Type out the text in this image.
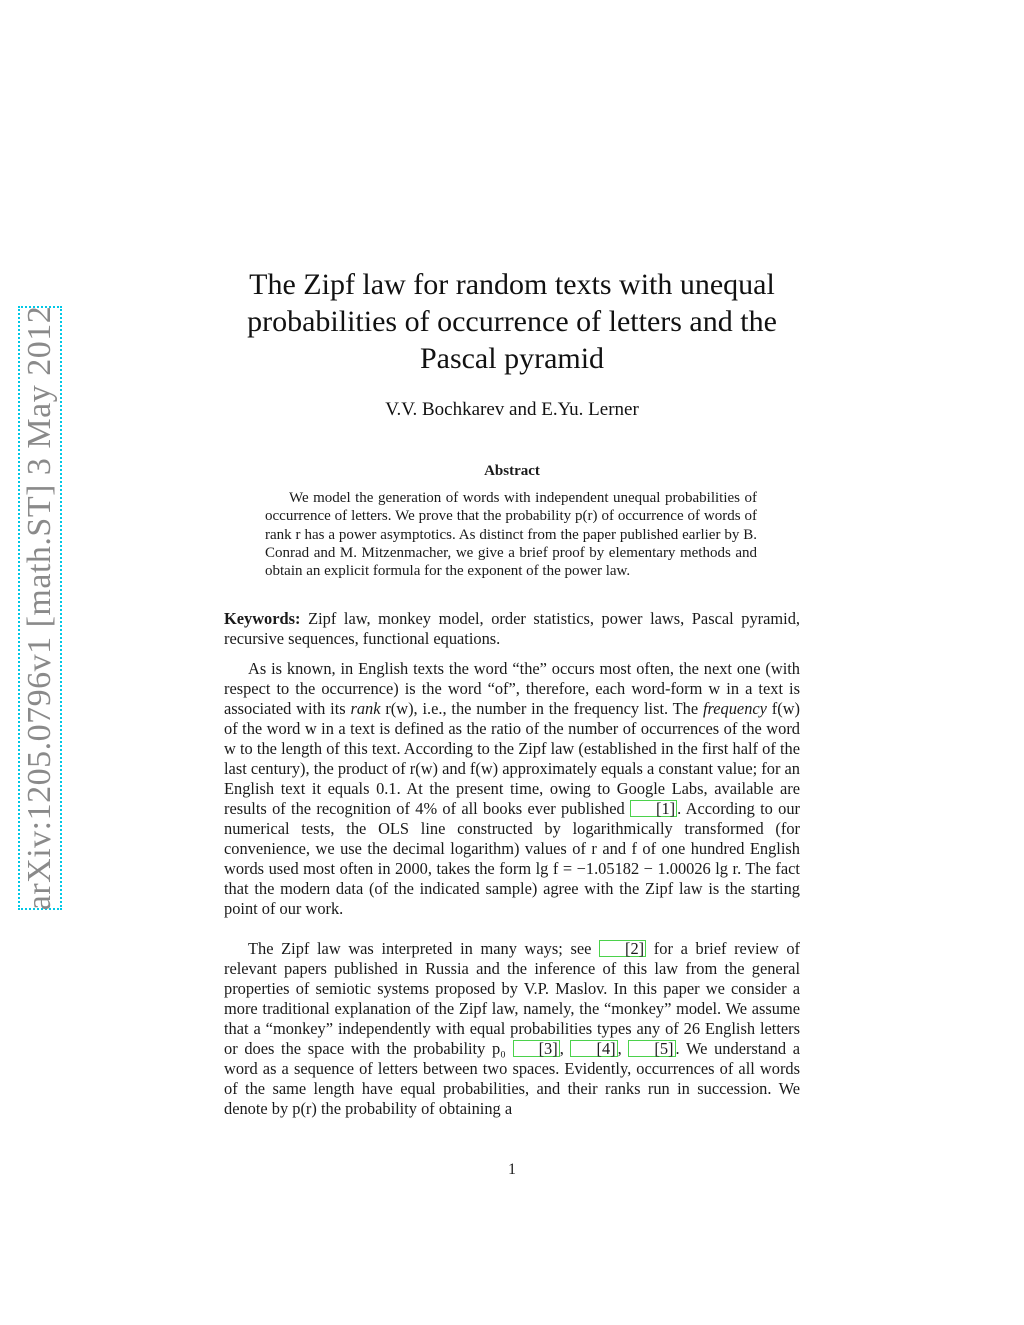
arXiv:1205.0796v1 [math.ST] 3 May 2012
The Zipf law for random texts with unequal
probabilities of occurrence of letters and the
Pascal pyramid
V.V. Bochkarev and E.Yu. Lerner
Abstract
We model the generation of words with independent unequal probabilities of occurrence of letters. We prove that the probability p(r) of occurrence of words of rank r has a power asymptotics. As distinct from the paper published earlier by B. Conrad and M. Mitzenmacher, we give a brief proof by elementary methods and obtain an explicit formula for the exponent of the power law.
Keywords: Zipf law, monkey model, order statistics, power laws, Pascal pyramid, recursive sequences, functional equations.
As is known, in English texts the word “the” occurs most often, the next one (with respect to the occurrence) is the word “of”, therefore, each word-form w in a text is associated with its rank r(w), i.e., the number in the frequency list. The frequency f(w) of the word w in a text is defined as the ratio of the number of occurrences of the word w to the length of this text. According to the Zipf law (established in the first half of the last century), the product of r(w) and f(w) approximately equals a constant value; for an English text it equals 0.1. At the present time, owing to Google Labs, available are results of the recognition of 4% of all books ever published [1] . According to our numerical tests, the OLS line constructed by logarithmically transformed (for convenience, we use the decimal logarithm) values of r and f of one hundred English words used most often in 2000, takes the form lg f = −1.05182 − 1.00026 lg r. The fact that the modern data (of the indicated sample) agree with the Zipf law is the starting point of our work.
The Zipf law was interpreted in many ways; see [2] for a brief review of relevant papers published in Russia and the inference of this law from the general properties of semiotic systems proposed by V.P. Maslov. In this paper we consider a more traditional explanation of the Zipf law, namely, the “monkey” model. We assume that a “monkey” independently with equal probabilities types any of 26 English letters or does the space with the probability p₀ [3] , [4] , [5] . We understand a word as a sequence of letters between two spaces. Evidently, occurrences of all words of the same length have equal probabilities, and their ranks run in succession. We denote by p(r) the probability of obtaining a
1
